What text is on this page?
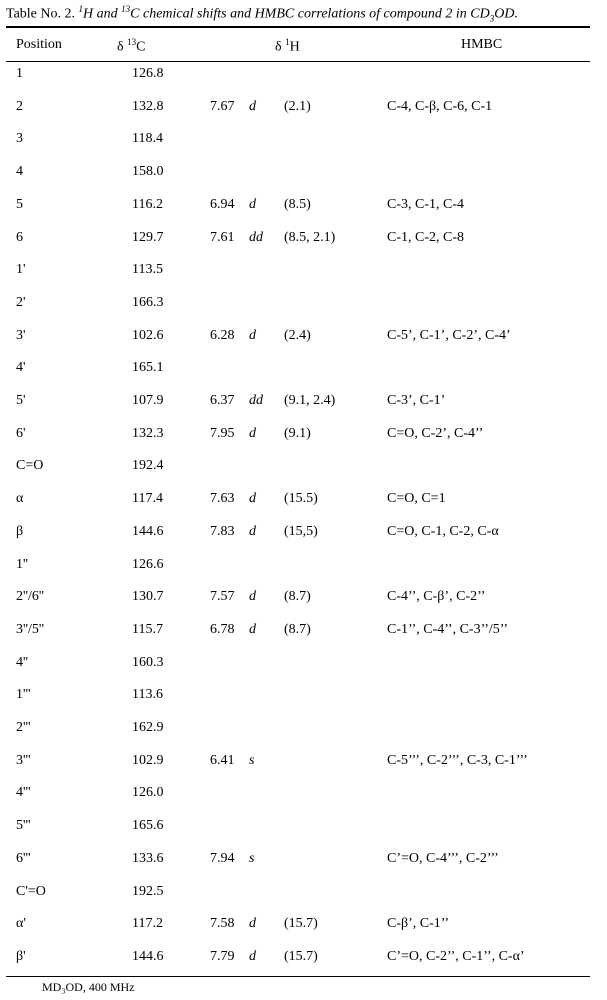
Table No. 2. $^1$H and $^{13}$C chemical shifts and HMBC correlations of compound 2 in $CD_3OD$.
Position	δ $^{13}$C	δ $^1$H	HMBC
1	126.8
2	132.8	7.67 d (2.1)	C-4, C-β, C-6, C-1
3	118.4
4	158.0
5	116.2	6.94 d (8.5)	C-3, C-1, C-4
6	129.7	7.61 dd (8.5, 2.1)	C-1, C-2, C-8
1'	113.5
2'	166.3
3'	102.6	6.28 d (2.4)	C-5’, C-1’, C-2’, C-4’
4'	165.1
5'	107.9	6.37 dd (9.1, 2.4)	C-3’, C-1’
6'	132.3	7.95 d (9.1)	C=O, C-2’, C-4’’
C=O	192.4
α	117.4	7.63 d (15.5)	C=O, C=1
β	144.6	7.83 d (15,5)	C=O, C-1, C-2, C-α
1''	126.6
2''/6''	130.7	7.57 d (8.7)	C-4’’, C-β’, C-2’’
3''/5''	115.7	6.78 d (8.7)	C-1’’, C-4’’, C-3’’/5’’
4''	160.3
1'''	113.6
2'''	162.9
3'''	102.9	6.41 s	C-5’’’, C-2’’’, C-3, C-1’’’
4'''	126.0
5'''	165.6
6'''	133.6	7.94 s	C’=O, C-4’’’, C-2’’’
C'=O	192.5
α'	117.2	7.58 d (15.7)	C-β’, C-1’’
β'	144.6	7.79 d (15.7)	C’=O, C-2’’, C-1’’, C-α’
MD₃OD, 400 MHz
